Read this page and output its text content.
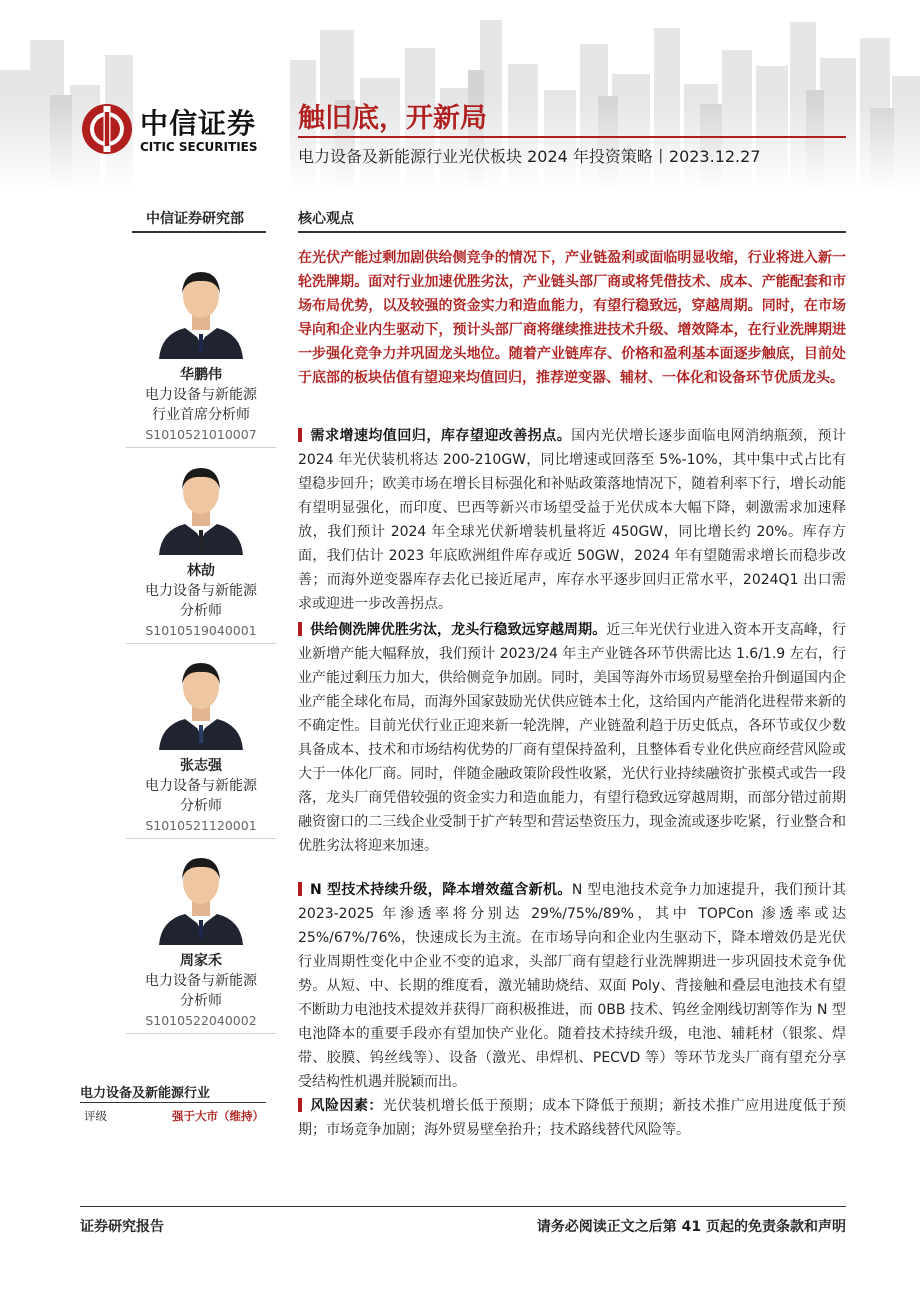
中信证券
CITIC SECURITIES
触旧底，开新局
电力设备及新能源行业光伏板块 2024 年投资策略丨2023.12.27
中信证券研究部	核心观点
华鹏伟
电力设备与新能源
行业首席分析师
S1010521010007
林劼
电力设备与新能源
分析师
S1010519040001
张志强
电力设备与新能源
分析师
S1010521120001
周家禾
电力设备与新能源
分析师
S1010522040002
电力设备及新能源行业
评级	强于大市（维持）
在光伏产能过剩加剧供给侧竞争的情况下，产业链盈利或面临明显收缩，行业将进入新一轮洗牌期。面对行业加速优胜劣汰，产业链头部厂商或将凭借技术、成本、产能配套和市场布局优势，以及较强的资金实力和造血能力，有望行稳致远，穿越周期。同时，在市场导向和企业内生驱动下，预计头部厂商将继续推进技术升级、增效降本，在行业洗牌期进一步强化竞争力并巩固龙头地位。随着产业链库存、价格和盈利基本面逐步触底，目前处于底部的板块估值有望迎来均值回归，推荐逆变器、辅材、一体化和设备环节优质龙头。
需求增速均值回归，库存望迎改善拐点。国内光伏增长逐步面临电网消纳瓶颈，预计 2024 年光伏装机将达 200-210GW，同比增速或回落至 5%-10%，其中集中式占比有望稳步回升；欧美市场在增长目标强化和补贴政策落地情况下，随着利率下行，增长动能有望明显强化，而印度、巴西等新兴市场望受益于光伏成本大幅下降，刺激需求加速释放，我们预计 2024 年全球光伏新增装机量将近 450GW，同比增长约 20%。库存方面，我们估计 2023 年底欧洲组件库存或近 50GW，2024 年有望随需求增长而稳步改善；而海外逆变器库存去化已接近尾声，库存水平逐步回归正常水平，2024Q1 出口需求或迎进一步改善拐点。
供给侧洗牌优胜劣汰，龙头行稳致远穿越周期。近三年光伏行业进入资本开支高峰，行业新增产能大幅释放，我们预计 2023/24 年主产业链各环节供需比达 1.6/1.9 左右，行业产能过剩压力加大，供给侧竞争加剧。同时，美国等海外市场贸易壁垒抬升倒逼国内企业产能全球化布局，而海外国家鼓励光伏供应链本土化，这给国内产能消化进程带来新的不确定性。目前光伏行业正迎来新一轮洗牌，产业链盈利趋于历史低点，各环节或仅少数具备成本、技术和市场结构优势的厂商有望保持盈利，且整体看专业化供应商经营风险或大于一体化厂商。同时，伴随金融政策阶段性收紧，光伏行业持续融资扩张模式或告一段落，龙头厂商凭借较强的资金实力和造血能力，有望行稳致远穿越周期，而部分错过前期融资窗口的二三线企业受制于扩产转型和营运垫资压力，现金流或逐步吃紧，行业整合和优胜劣汰将迎来加速。
N 型技术持续升级，降本增效蕴含新机。N 型电池技术竞争力加速提升，我们预计其 2023-2025 年渗透率将分别达 29%/75%/89%，其中 TOPCon 渗透率或达 25%/67%/76%，快速成长为主流。在市场导向和企业内生驱动下，降本增效仍是光伏行业周期性变化中企业不变的追求，头部厂商有望趁行业洗牌期进一步巩固技术竞争优势。从短、中、长期的维度看，激光辅助烧结、双面 Poly、背接触和叠层电池技术有望不断助力电池技术提效并获得厂商积极推进，而 0BB 技术、钨丝金刚线切割等作为 N 型电池降本的重要手段亦有望加快产业化。随着技术持续升级，电池、辅耗材（银浆、焊带、胶膜、钨丝线等）、设备（激光、串焊机、PECVD 等）等环节龙头厂商有望充分享受结构性机遇并脱颖而出。
风险因素：光伏装机增长低于预期；成本下降低于预期；新技术推广应用进度低于预期；市场竞争加剧；海外贸易壁垒抬升；技术路线替代风险等。
证券研究报告	请务必阅读正文之后第 41 页起的免责条款和声明
